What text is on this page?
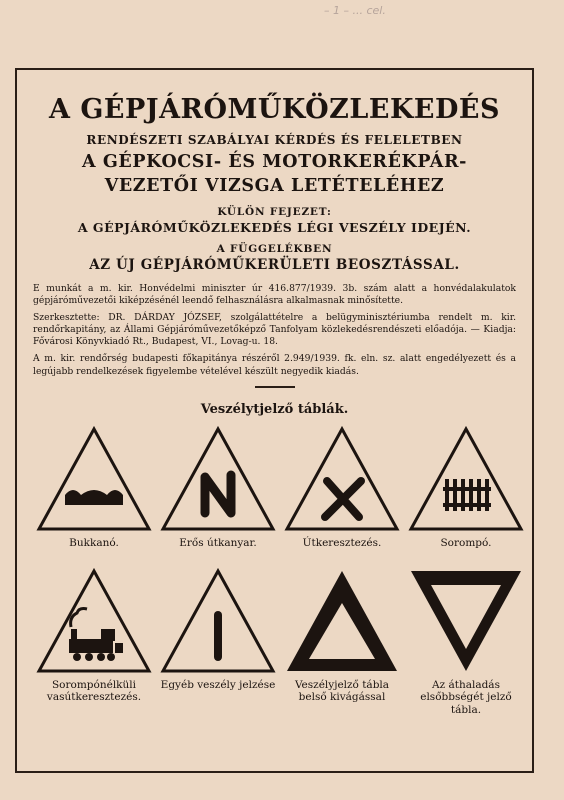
– 1 – ... cel.
A GÉPJÁRÓMŰKÖZLEKEDÉS
RENDÉSZETI SZABÁLYAI KÉRDÉS ÉS FELELETBEN
A GÉPKOCSI- ÉS MOTORKERÉKPÁR-
VEZETŐI VIZSGA LETÉTELÉHEZ
KÜLÖN FEJEZET:
A GÉPJÁRÓMŰKÖZLEKEDÉS LÉGI VESZÉLY IDEJÉN.
A FÜGGELÉKBEN
AZ ÚJ GÉPJÁRÓMŰKERÜLETI BEOSZTÁSSAL.

E munkát a m. kir. Honvédelmi miniszter úr 416.877/1939. 3b. szám alatt a honvédalakulatok gépjáróművezetői kiképzésénél leendő felhasználásra alkalmasnak minősítette.

Szerkesztette: DR. DÁRDAY JÓZSEF, szolgálattételre a belügyminisztériumba rendelt m. kir. rendőrkapitány, az Állami Gépjáróművezetőképző Tanfolyam közlekedésrendészeti előadója. — Kiadja: Fővárosi Könyvkiadó Rt., Budapest, VI., Lovag-u. 18.

A m. kir. rendőrség budapesti főkapitánya részéről 2.949/1939. fk. eln. sz. alatt engedélyezett és a legújabb rendelkezések figyelembe vételével készült negyedik kiadás.

Veszélytjelző táblák.
Bukkanó.	Erős útkanyar.	Útkeresztezés.	Sorompó.
Sorompónélküli vasútkeresztezés.
Egyéb veszély jelzése	Veszélyjelző tábla belső kivágással
Az áthaladás elsőbbségét jelző tábla.
